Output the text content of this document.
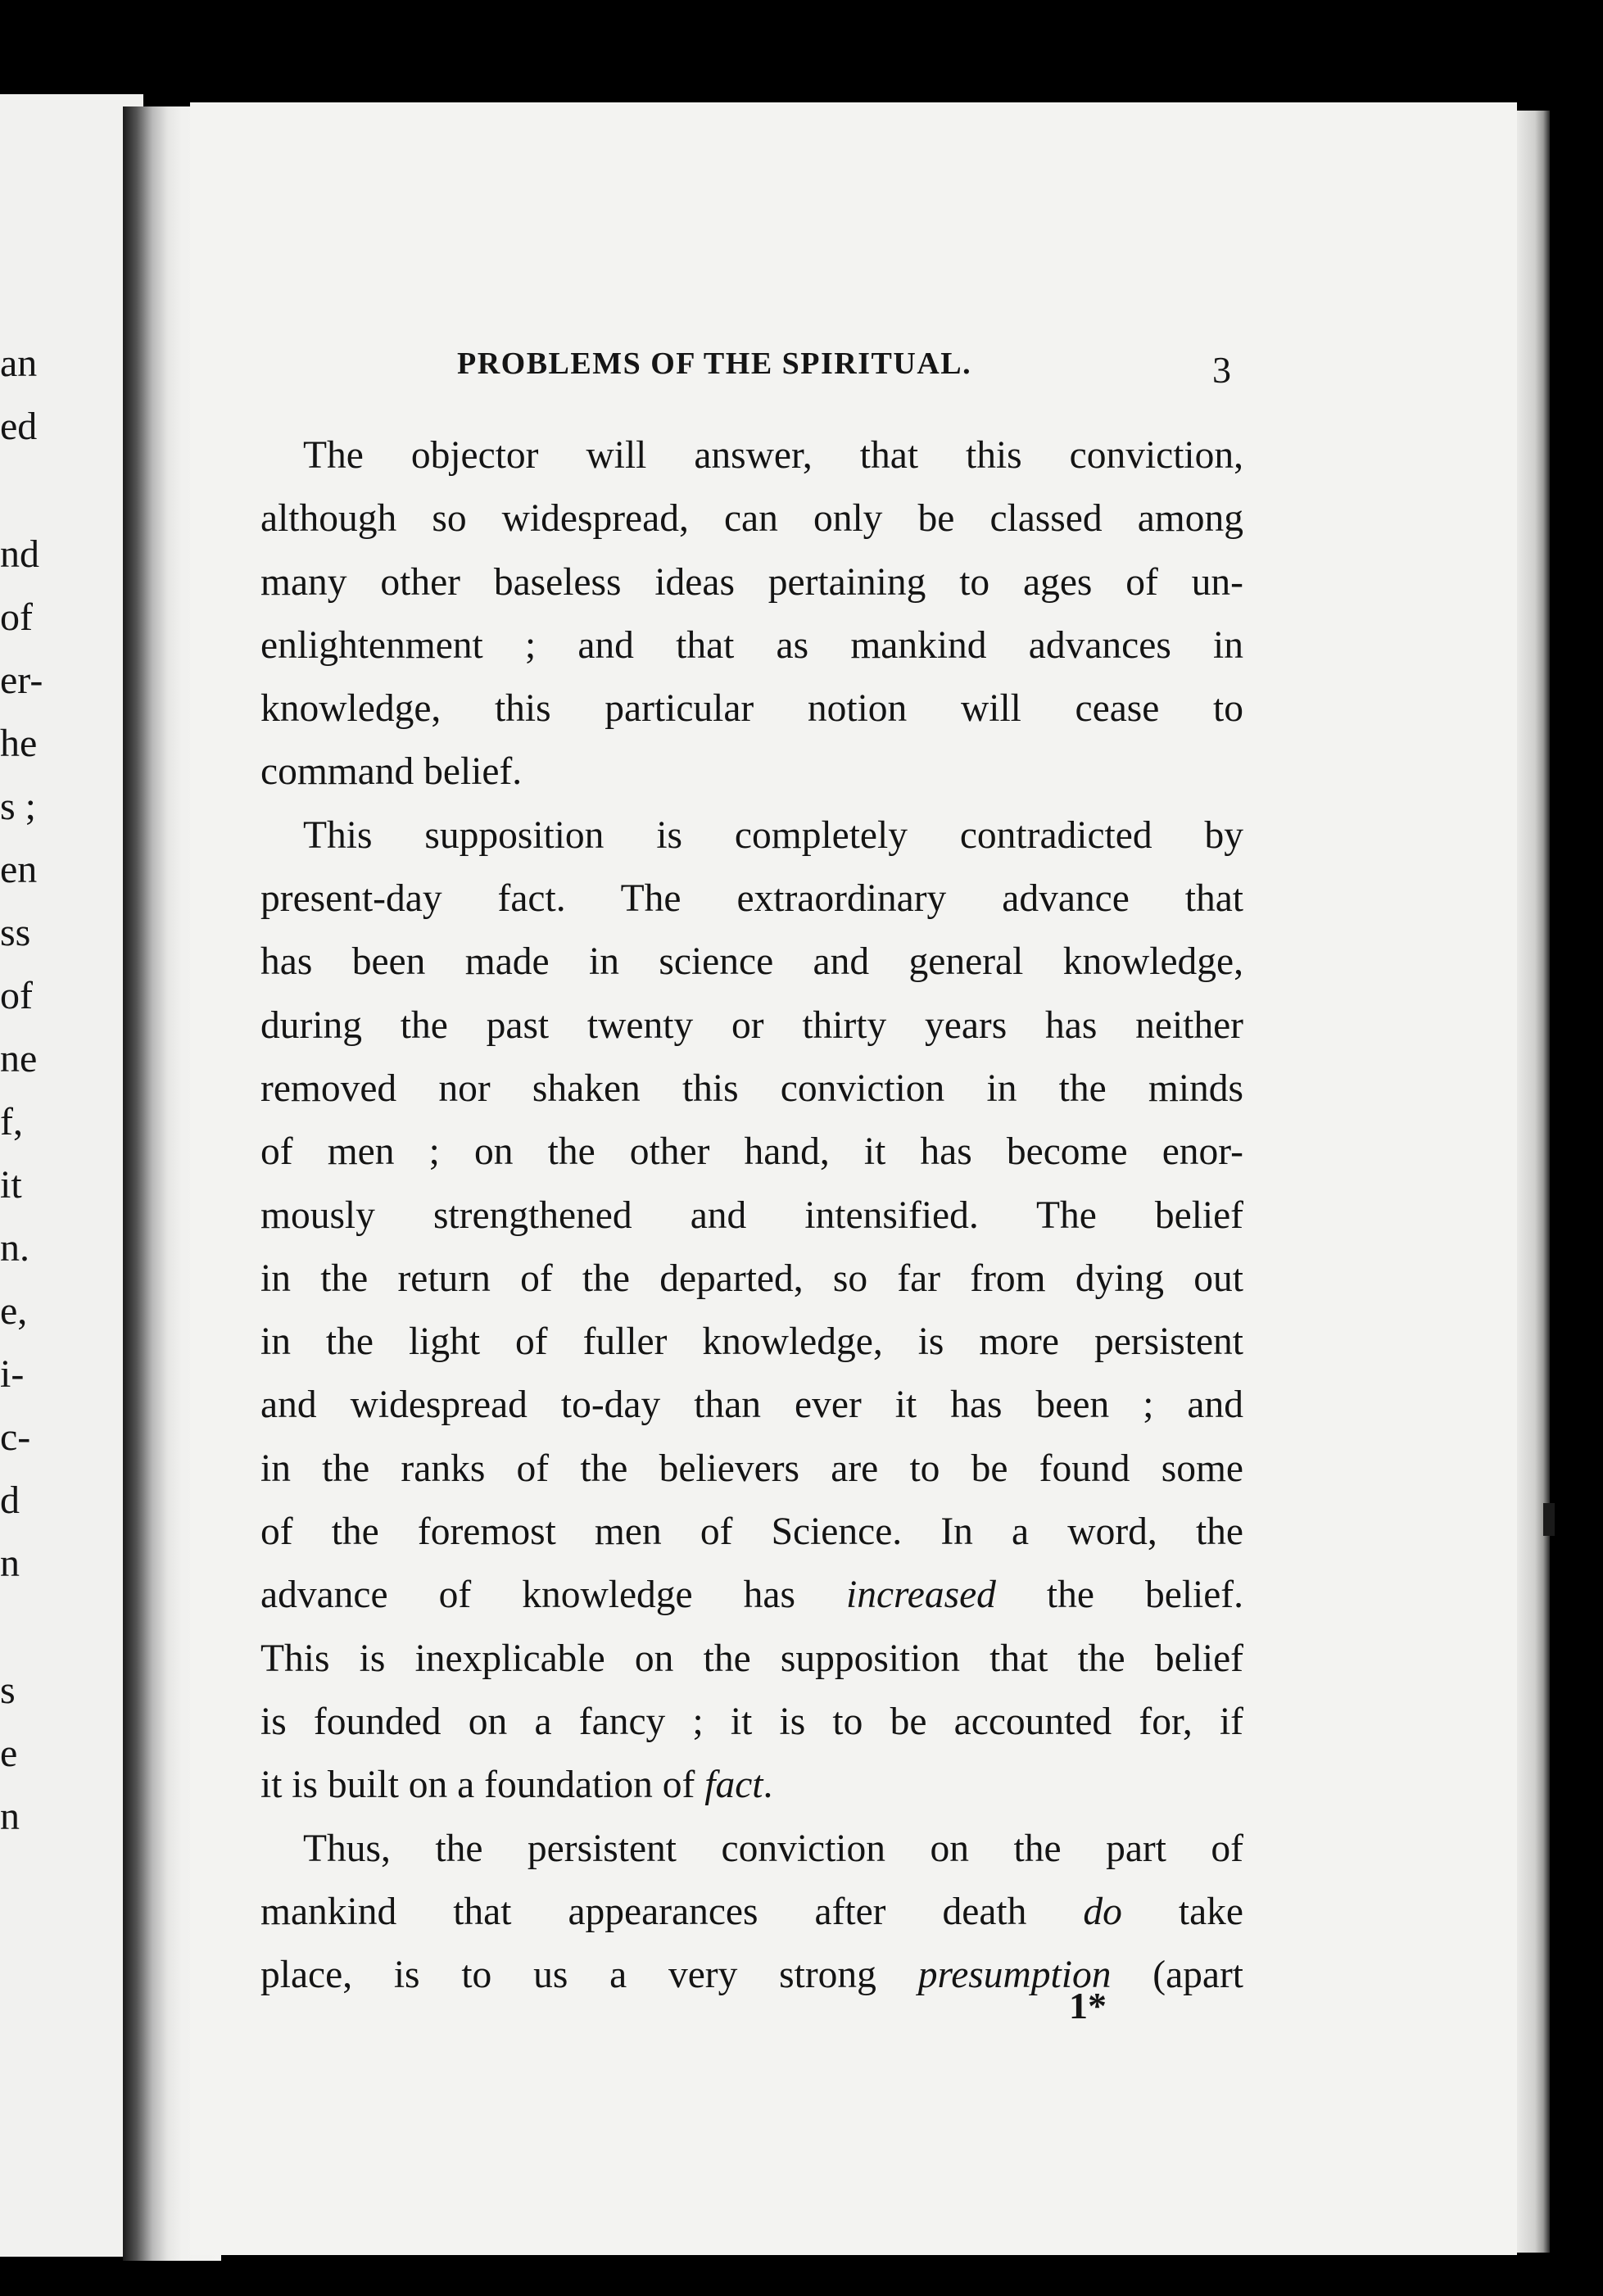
an
ed
nd
of
er-
he
s ;
en
ss
of
ne
f,
it
n.
e,
i-
c-
d
n
s
e
n
PROBLEMS OF THE SPIRITUAL.	3

The objector will answer, that this conviction,
although so widespread, can only be classed among
many other baseless ideas pertaining to ages of un-
enlightenment ; and that as mankind advances in
knowledge, this particular notion will cease to
command belief.

This supposition is completely contradicted by
present-day fact. The extraordinary advance that
has been made in science and general knowledge,
during the past twenty or thirty years has neither
removed nor shaken this conviction in the minds
of men ; on the other hand, it has become enor-
mously strengthened and intensified. The belief
in the return of the departed, so far from dying out
in the light of fuller knowledge, is more persistent
and widespread to-day than ever it has been ; and
in the ranks of the believers are to be found some
of the foremost men of Science. In a word, the
advance of knowledge has increased the belief.
This is inexplicable on the supposition that the belief
is founded on a fancy ; it is to be accounted for, if
it is built on a foundation of fact.

Thus, the persistent conviction on the part of
mankind that appearances after death do take
place, is to us a very strong presumption (apart

1*
